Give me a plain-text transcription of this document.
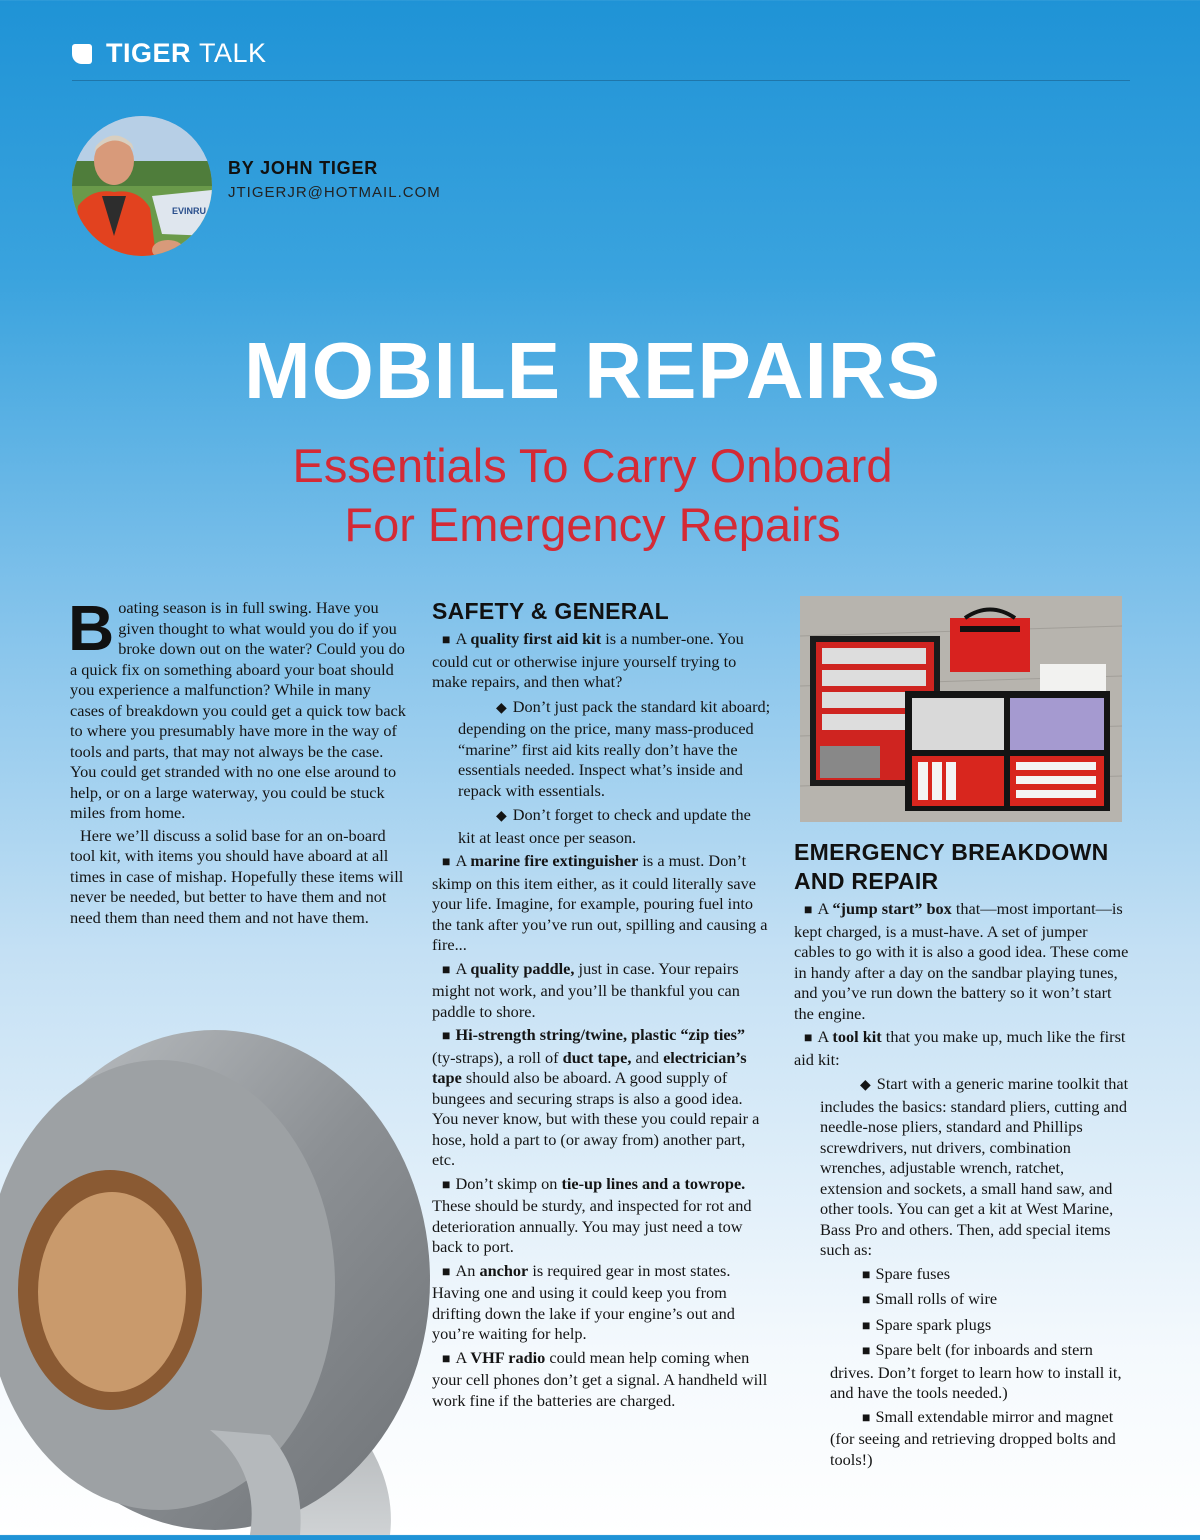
TIGER TALK
EVINRU
BY JOHN TIGER
JTIGERJR@HOTMAIL.COM
MOBILE REPAIRS
Essentials To Carry Onboard
For Emergency Repairs

Boating season is in full swing. Have you given thought to what would you do if you broke down out on the water? Could you do a quick fix on something aboard your boat should you experience a malfunction? While in many cases of breakdown you could get a quick tow back to where you presumably have more in the way of tools and parts, that may not always be the case. You could get stranded with no one else around to help, or on a large waterway, you could be stuck miles from home.

Here we’ll discuss a solid base for an on-board tool kit, with items you should have aboard at all times in case of mishap. Hopefully these items will never be needed, but better to have them and not need them than need them and not have them.

SAFETY & GENERAL

■ A quality first aid kit is a number-one. You could cut or otherwise injure yourself trying to make repairs, and then what?

◆ Don’t just pack the standard kit aboard; depending on the price, many mass-produced “marine” first aid kits really don’t have the essentials needed. Inspect what’s inside and repack with essentials.

◆ Don’t forget to check and update the kit at least once per season.

■ A marine fire extinguisher is a must. Don’t skimp on this item either, as it could literally save your life. Imagine, for example, pouring fuel into the tank after you’ve run out, spilling and causing a fire...

■ A quality paddle, just in case. Your repairs might not work, and you’ll be thankful you can paddle to shore.

■ Hi-strength string/twine, plastic “zip ties” (ty-straps), a roll of duct tape, and electrician’s tape should also be aboard. A good supply of bungees and securing straps is also a good idea. You never know, but with these you could repair a hose, hold a part to (or away from) another part, etc.

■ Don’t skimp on tie-up lines and a towrope. These should be sturdy, and inspected for rot and deterioration annually. You may just need a tow back to port.

■ An anchor is required gear in most states. Having one and using it could keep you from drifting down the lake if your engine’s out and you’re waiting for help.

■ A VHF radio could mean help coming when your cell phones don’t get a signal. A handheld will work fine if the batteries are charged.

EMERGENCY BREAKDOWN
AND REPAIR

■ A “jump start” box that—most important—is kept charged, is a must-have. A set of jumper cables to go with it is also a good idea. These come in handy after a day on the sandbar playing tunes, and you’ve run down the battery so it won’t start the engine.

■ A tool kit that you make up, much like the first aid kit:

◆ Start with a generic marine toolkit that includes the basics: standard pliers, cutting and needle-nose pliers, standard and Phillips screwdrivers, nut drivers, combination wrenches, adjustable wrench, ratchet, extension and sockets, a small hand saw, and other tools. You can get a kit at West Marine, Bass Pro and others. Then, add special items such as:

■ Spare fuses

■ Small rolls of wire

■ Spare spark plugs

■ Spare belt (for inboards and stern drives. Don’t forget to learn how to install it, and have the tools needed.)

■ Small extendable mirror and magnet (for seeing and retrieving dropped bolts and tools!)
